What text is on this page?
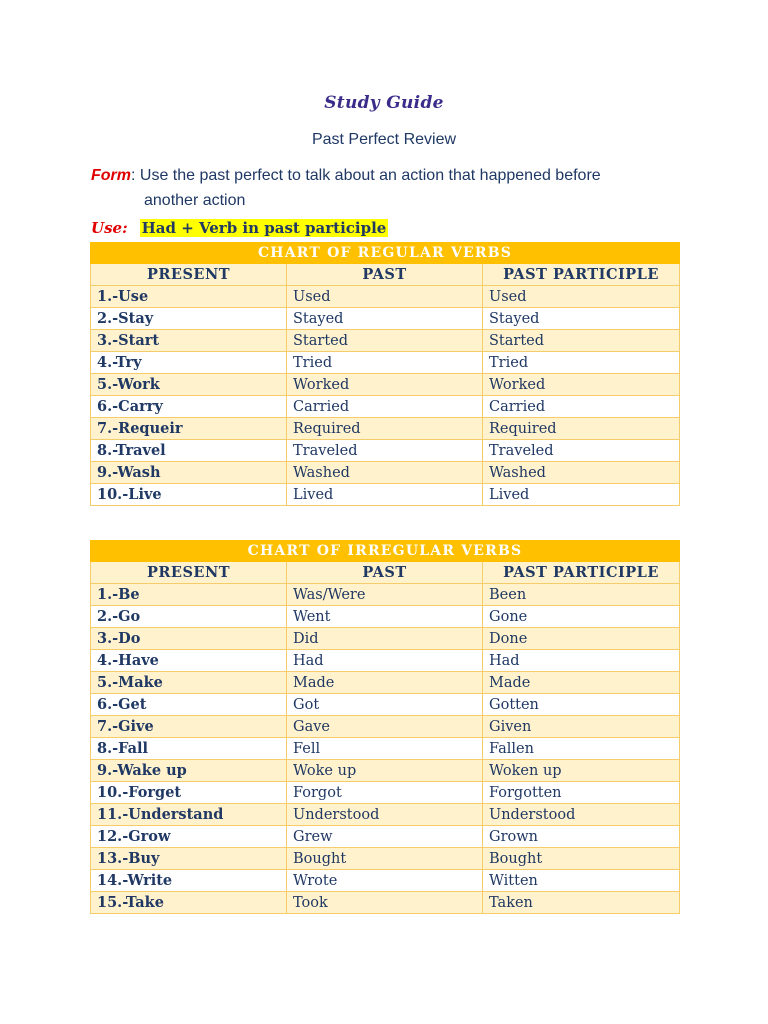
Study Guide
Past Perfect Review
Form: Use the past perfect to talk about an action that happened before
another action
Use: Had + Verb in past participle
CHART OF REGULAR VERBS		
PRESENT	PAST	PAST PARTICIPLE
1.-Use	Used	Used
2.-Stay	Stayed	Stayed
3.-Start	Started	Started
4.-Try	Tried	Tried
5.-Work	Worked	Worked
6.-Carry	Carried	Carried
7.-Requeir	Required	Required
8.-Travel	Traveled	Traveled
9.-Wash	Washed	Washed
10.-Live	Lived	Lived
CHART OF IRREGULAR VERBS		
PRESENT	PAST	PAST PARTICIPLE
1.-Be	Was/Were	Been
2.-Go	Went	Gone
3.-Do	Did	Done
4.-Have	Had	Had
5.-Make	Made	Made
6.-Get	Got	Gotten
7.-Give	Gave	Given
8.-Fall	Fell	Fallen
9.-Wake up	Woke up	Woken up
10.-Forget	Forgot	Forgotten
11.-Understand	Understood	Understood
12.-Grow	Grew	Grown
13.-Buy	Bought	Bought
14.-Write	Wrote	Witten
15.-Take	Took	Taken
